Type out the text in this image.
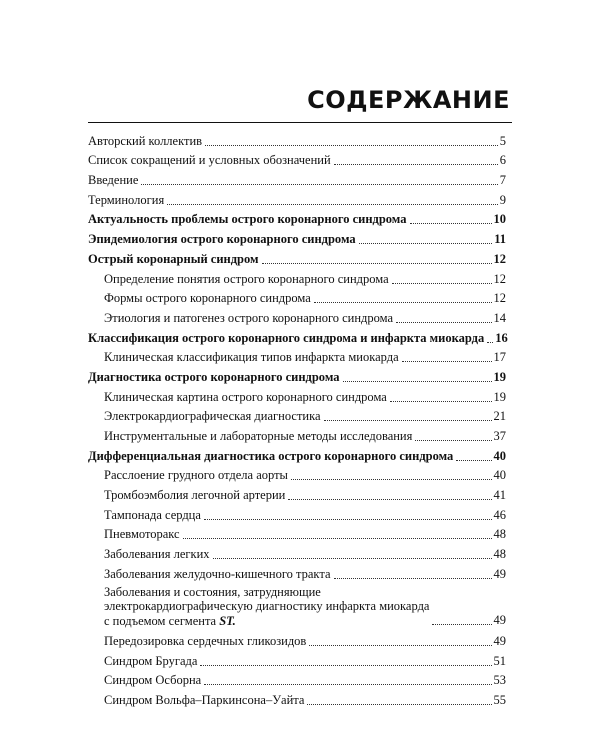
СОДЕРЖАНИЕ
Авторский коллектив	5
Список сокращений и условных обозначений	6
Введение	7
Терминология	9
Актуальность проблемы острого коронарного синдрома	10
Эпидемиология острого коронарного синдрома	11
Острый коронарный синдром	12
Определение понятия острого коронарного синдрома	12
Формы острого коронарного синдрома	12
Этиология и патогенез острого коронарного синдрома	14
Классификация острого коронарного синдрома и инфаркта миокарда 16
Клиническая классификация типов инфаркта миокарда	17
Диагностика острого коронарного синдрома	19
Клиническая картина острого коронарного синдрома	19
Электрокардиографическая диагностика	21
Инструментальные и лабораторные методы исследования	37
Дифференциальная диагностика острого коронарного синдрома	40
Расслоение грудного отдела аорты	40
Тромбоэмболия легочной артерии	41
Тампонада сердца	46
Пневмоторакс	48
Заболевания легких	48
Заболевания желудочно-кишечного тракта	49
Заболевания и состояния, затрудняющие
электрокардиографическую диагностику инфаркта миокарда
с подъемом сегмента ST.	49
Передозировка сердечных гликозидов	49
Синдром Бругада	51
Синдром Осборна	53
Синдром Вольфа–Паркинсона–Уайта	55
